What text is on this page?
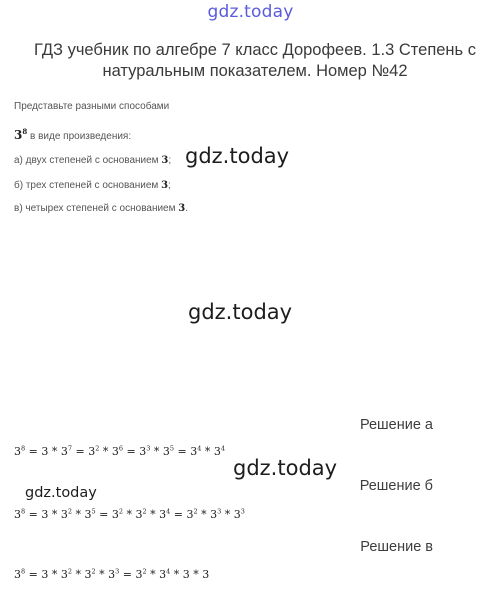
gdz.today
ГДЗ учебник по алгебре 7 класс Дорофеев. 1.3 Степень с натуральным показателем. Номер №42
Представьте разными способами
$3^8$ в виде произведения:
а) двух степеней с основанием 3;
б) трех степеней с основанием 3;
в) четырех степеней с основанием 3.
gdz.today
gdz.today
gdz.today
gdz.today
Решение а
$3^8 = 3 * 3^7 = 3^2 * 3^6 = 3^3 * 3^5 = 3^4 * 3^4$
Решение б
$3^8 = 3 * 3^2 * 3^5 = 3^2 * 3^2 * 3^4 = 3^2 * 3^3 * 3^3$
Решение в
$3^8 = 3 * 3^2 * 3^2 * 3^3 = 3^2 * 3^4 * 3 * 3$
